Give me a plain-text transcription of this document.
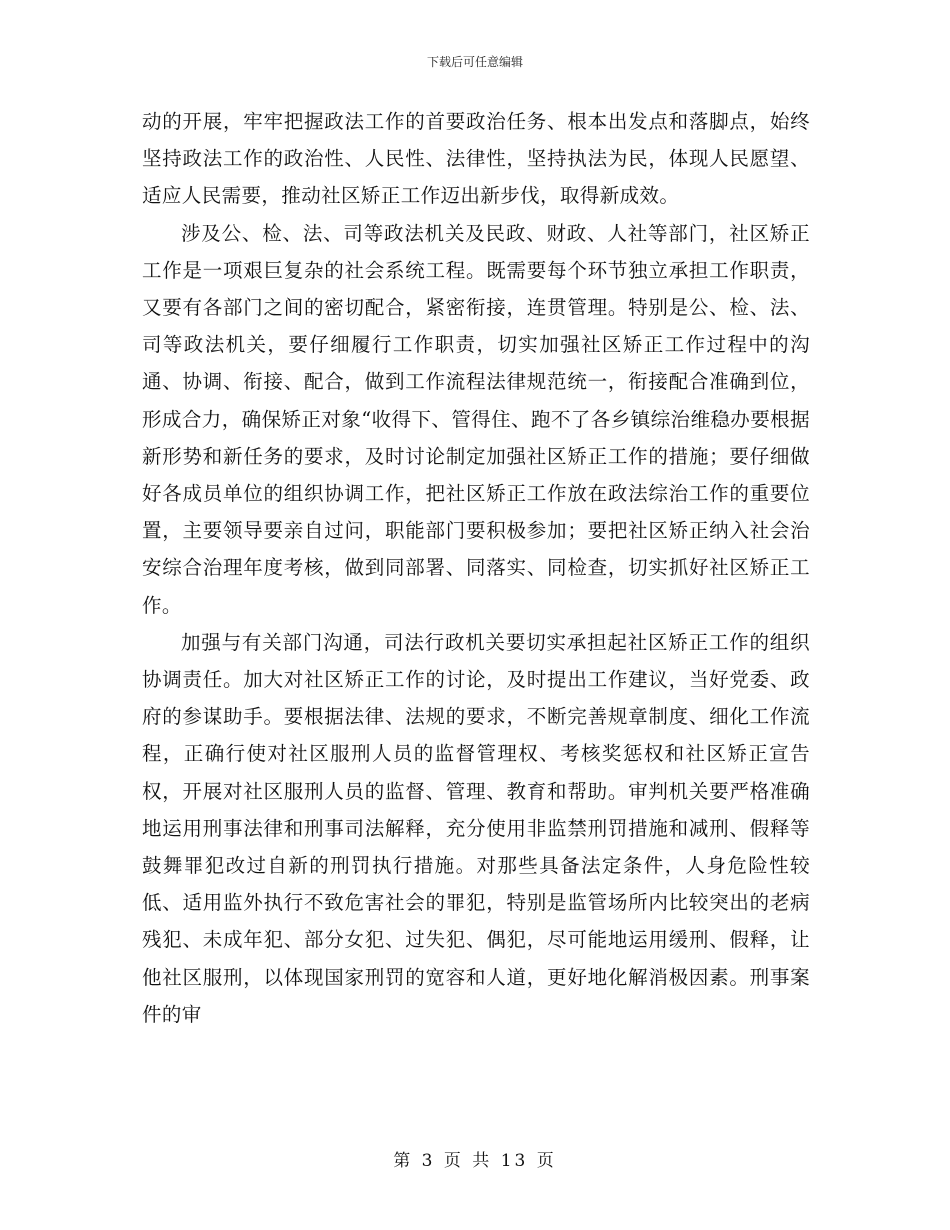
下载后可任意编辑

动的开展，牢牢把握政法工作的首要政治任务、根本出发点和落脚点，始终坚持政法工作的政治性、人民性、法律性，坚持执法为民，体现人民愿望、适应人民需要，推动社区矫正工作迈出新步伐，取得新成效。

涉及公、检、法、司等政法机关及民政、财政、人社等部门，社区矫正工作是一项艰巨复杂的社会系统工程。既需要每个环节独立承担工作职责，又要有各部门之间的密切配合，紧密衔接，连贯管理。特别是公、检、法、司等政法机关，要仔细履行工作职责，切实加强社区矫正工作过程中的沟通、协调、衔接、配合，做到工作流程法律规范统一，衔接配合准确到位，形成合力，确保矫正对象“收得下、管得住、跑不了各乡镇综治维稳办要根据新形势和新任务的要求，及时讨论制定加强社区矫正工作的措施；要仔细做好各成员单位的组织协调工作，把社区矫正工作放在政法综治工作的重要位置，主要领导要亲自过问，职能部门要积极参加；要把社区矫正纳入社会治安综合治理年度考核，做到同部署、同落实、同检查，切实抓好社区矫正工作。

加强与有关部门沟通，司法行政机关要切实承担起社区矫正工作的组织协调责任。加大对社区矫正工作的讨论，及时提出工作建议，当好党委、政府的参谋助手。要根据法律、法规的要求，不断完善规章制度、细化工作流程，正确行使对社区服刑人员的监督管理权、考核奖惩权和社区矫正宣告权，开展对社区服刑人员的监督、管理、教育和帮助。审判机关要严格准确地运用刑事法律和刑事司法解释，充分使用非监禁刑罚措施和减刑、假释等鼓舞罪犯改过自新的刑罚执行措施。对那些具备法定条件，人身危险性较低、适用监外执行不致危害社会的罪犯，特别是监管场所内比较突出的老病残犯、未成年犯、部分女犯、过失犯、偶犯，尽可能地运用缓刑、假释，让他社区服刑，以体现国家刑罚的宽容和人道，更好地化解消极因素。刑事案件的审

第 3 页 共 13 页
